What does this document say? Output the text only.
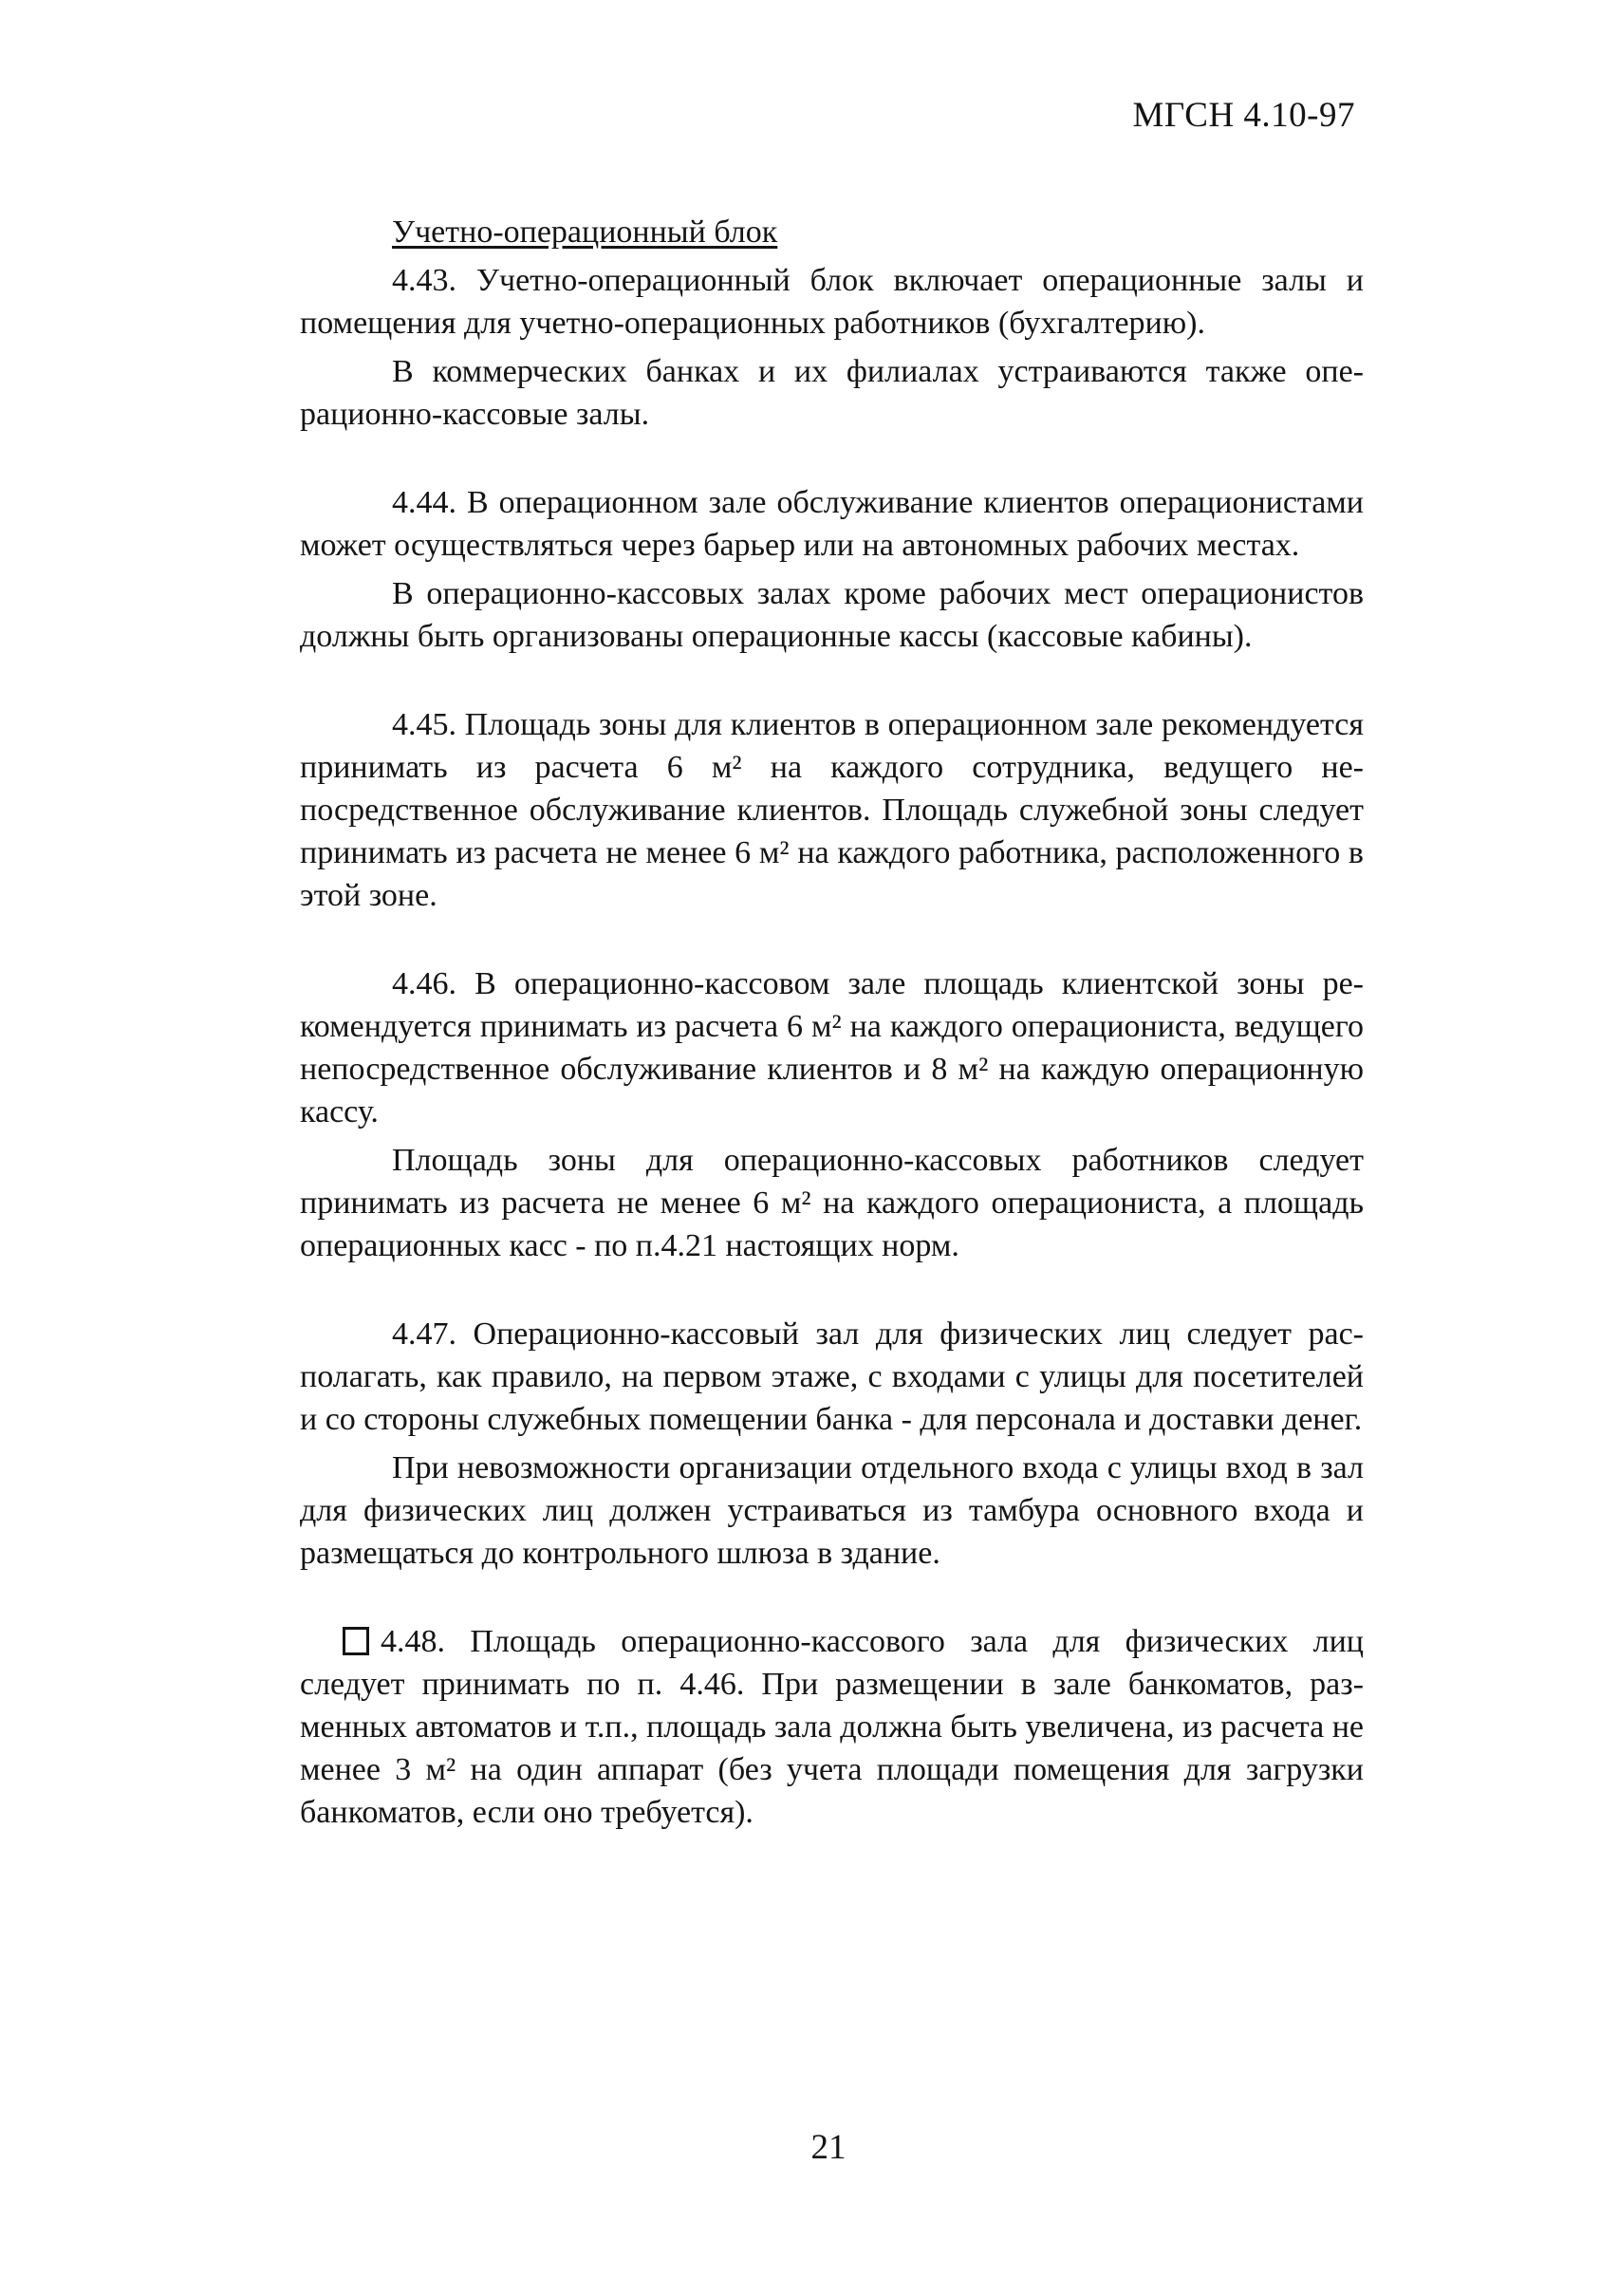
МГСН 4.10-97
Учетно-операционный блок

4.43. Учетно-операционный блок включает операционные залы и помещения для учетно-операционных работников (бухгалтерию).

В коммерческих банках и их филиалах устраиваются также операционно-кассовые залы.

4.44. В операционном зале обслуживание клиентов операционистами может осуществляться через барьер или на автономных рабочих местах.

В операционно-кассовых залах кроме рабочих мест операционистов должны быть организованы операционные кассы (кассовые кабины).

4.45. Площадь зоны для клиентов в операционном зале рекомендуется принимать из расчета 6 м² на каждого сотрудника, ведущего непосредственное обслуживание клиентов. Площадь служебной зоны следует принимать из расчета не менее 6 м² на каждого работника, расположенного в этой зоне.

4.46. В операционно-кассовом зале площадь клиентской зоны рекомендуется принимать из расчета 6 м² на каждого операциониста, ведущего непосредственное обслуживание клиентов и 8 м² на каждую операционную кассу.

Площадь зоны для операционно-кассовых работников следует принимать из расчета не менее 6 м² на каждого операциониста, а площадь операционных касс - по п.4.21 настоящих норм.

4.47. Операционно-кассовый зал для физических лиц следует располагать, как правило, на первом этаже, с входами с улицы для посетителей и со стороны служебных помещении банка - для персонала и доставки денег.

При невозможности организации отдельного входа с улицы вход в зал для физических лиц должен устраиваться из тамбура основного входа и размещаться до контрольного шлюза в здание.

4.48. Площадь операционно-кассового зала для физических лиц следует принимать по п. 4.46. При размещении в зале банкоматов, разменных автоматов и т.п., площадь зала должна быть увеличена, из расчета не менее 3 м² на один аппарат (без учета площади помещения для загрузки банкоматов, если оно требуется).

21
